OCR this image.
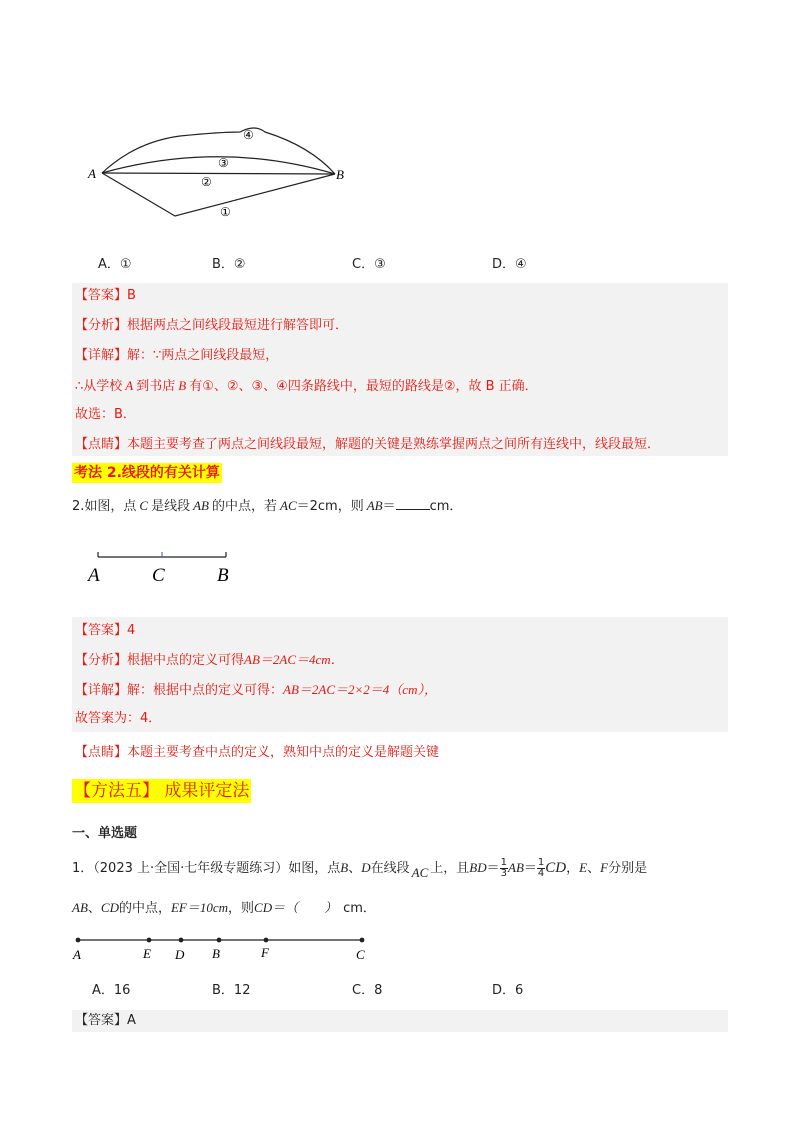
A	B
④
③
②
①
A．①	B．②	C．③	D．④
【答案】B
【分析】根据两点之间线段最短进行解答即可．
【详解】解：∵两点之间线段最短，
∴从学校 A 到书店 B 有①、②、③、④四条路线中，最短的路线是②，故 B 正确．
故选：B．
【点睛】本题主要考查了两点之间线段最短，解题的关键是熟练掌握两点之间所有连线中，线段最短．
考法 2.线段的有关计算
2.如图，点 C 是线段 AB 的中点，若 AC＝2cm，则 AB＝	cm．
A	C	B
【答案】4
【分析】根据中点的定义可得AB＝2AC＝4cm．
【详解】解：根据中点的定义可得：AB＝2AC＝2×2＝4（cm），
故答案为：4．
【点睛】本题主要考查中点的定义，熟知中点的定义是解题关键
【方法五】 成果评定法
一、单选题
1．（2023 上·全国·七年级专题练习）如图，点B、D在线段 AC 上，且$BD= \frac{1}{3} AB= \frac{1}{4}$ CD，E、F分别是
AB、CD的中点，EF＝10cm，则CD＝（　　） cm．
A	E D B	F	C
A．16	B．12	C．8	D．6
【答案】A
